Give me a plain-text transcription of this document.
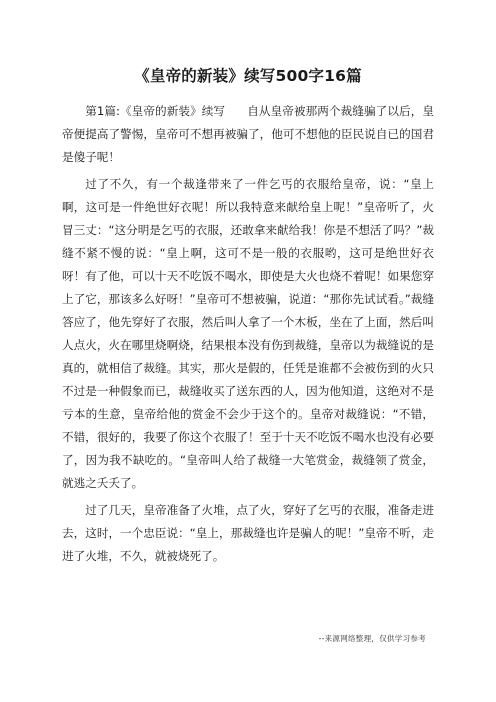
《皇帝的新装》续写500字16篇

第1篇:《皇帝的新装》续写 自从皇帝被那两个裁缝骗了以后，皇帝便提高了警惕，皇帝可不想再被骗了，他可不想他的臣民说自已的国君是傻子呢！

过了不久，有一个裁逢带来了一件乞丐的衣服给皇帝，说：“皇上啊，这可是一件绝世好衣呢！所以我特意来献给皇上呢！”皇帝听了，火冒三丈：“这分明是乞丐的衣服，还敢拿来献给我！你是不想活了吗？”裁缝不紧不慢的说：“皇上啊，这可不是一般的衣服哟，这可是绝世好衣呀！有了他，可以十天不吃饭不喝水，即使是大火也烧不着呢！如果您穿上了它，那该多么好呀！”皇帝可不想被骗，说道：“那你先试试看。”裁缝答应了，他先穿好了衣服，然后叫人拿了一个木板，坐在了上面，然后叫人点火，火在哪里烧啊烧，结果根本没有伤到裁缝，皇帝以为裁缝说的是真的，就相信了裁缝。其实，那火是假的，任凭是谁都不会被伤到的火只不过是一种假象而已，裁缝收买了送东西的人，因为他知道，这绝对不是亏本的生意，皇帝给他的赏金不会少于这个的。皇帝对裁缝说：“不错，不错，很好的，我要了你这个衣服了！至于十天不吃饭不喝水也没有必要了，因为我不缺吃的。“皇帝叫人给了裁缝一大笔赏金，裁缝领了赏金，就逃之夭夭了。

过了几天，皇帝准备了火堆，点了火，穿好了乞丐的衣服，准备走进去，这时，一个忠臣说：“皇上，那裁缝也许是骗人的呢！”皇帝不听，走进了火堆，不久，就被烧死了。

--来源网络整理，仅供学习参考
